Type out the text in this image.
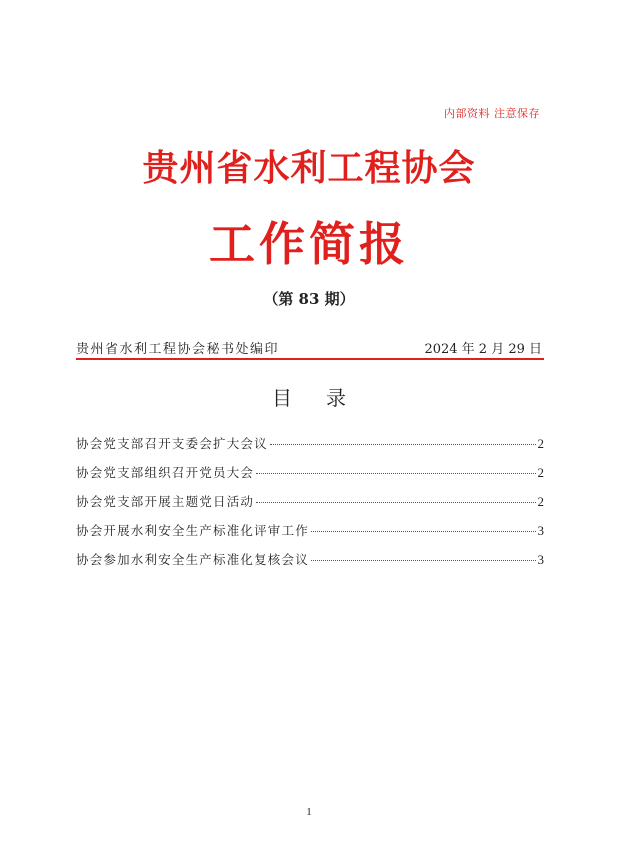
内部资料 注意保存
贵州省水利工程协会
工作简报
（第 83 期）
贵州省水利工程协会秘书处编印	2024 年 2 月 29 日
目录
协会党支部召开支委会扩大会议	2
协会党支部组织召开党员大会	2
协会党支部开展主题党日活动	2
协会开展水利安全生产标准化评审工作	3
协会参加水利安全生产标准化复核会议	3
1
